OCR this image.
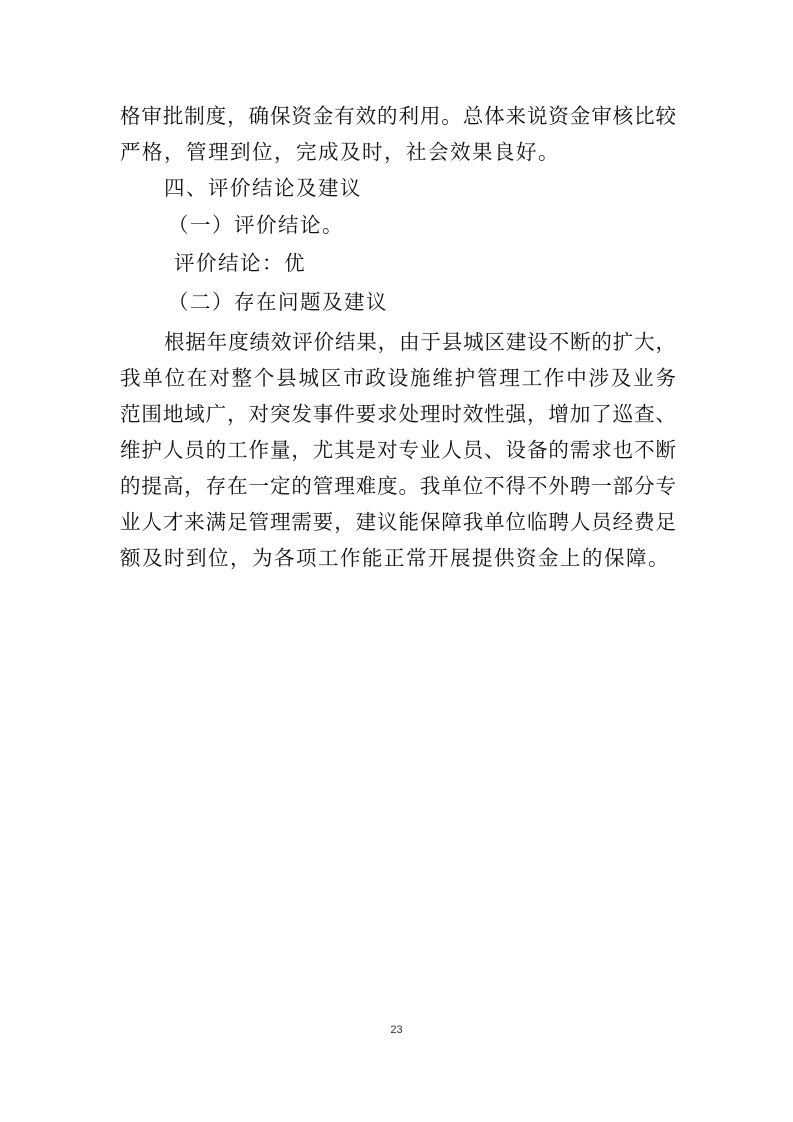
格审批制度，确保资金有效的利用。总体来说资金审核比较
严格，管理到位，完成及时，社会效果良好。
四、评价结论及建议
（一）评价结论。
评价结论：优
（二）存在问题及建议
根据年度绩效评价结果，由于县城区建设不断的扩大，
我单位在对整个县城区市政设施维护管理工作中涉及业务
范围地域广，对突发事件要求处理时效性强，增加了巡查、
维护人员的工作量，尤其是对专业人员、设备的需求也不断
的提高，存在一定的管理难度。我单位不得不外聘一部分专
业人才来满足管理需要，建议能保障我单位临聘人员经费足
额及时到位，为各项工作能正常开展提供资金上的保障。
23
